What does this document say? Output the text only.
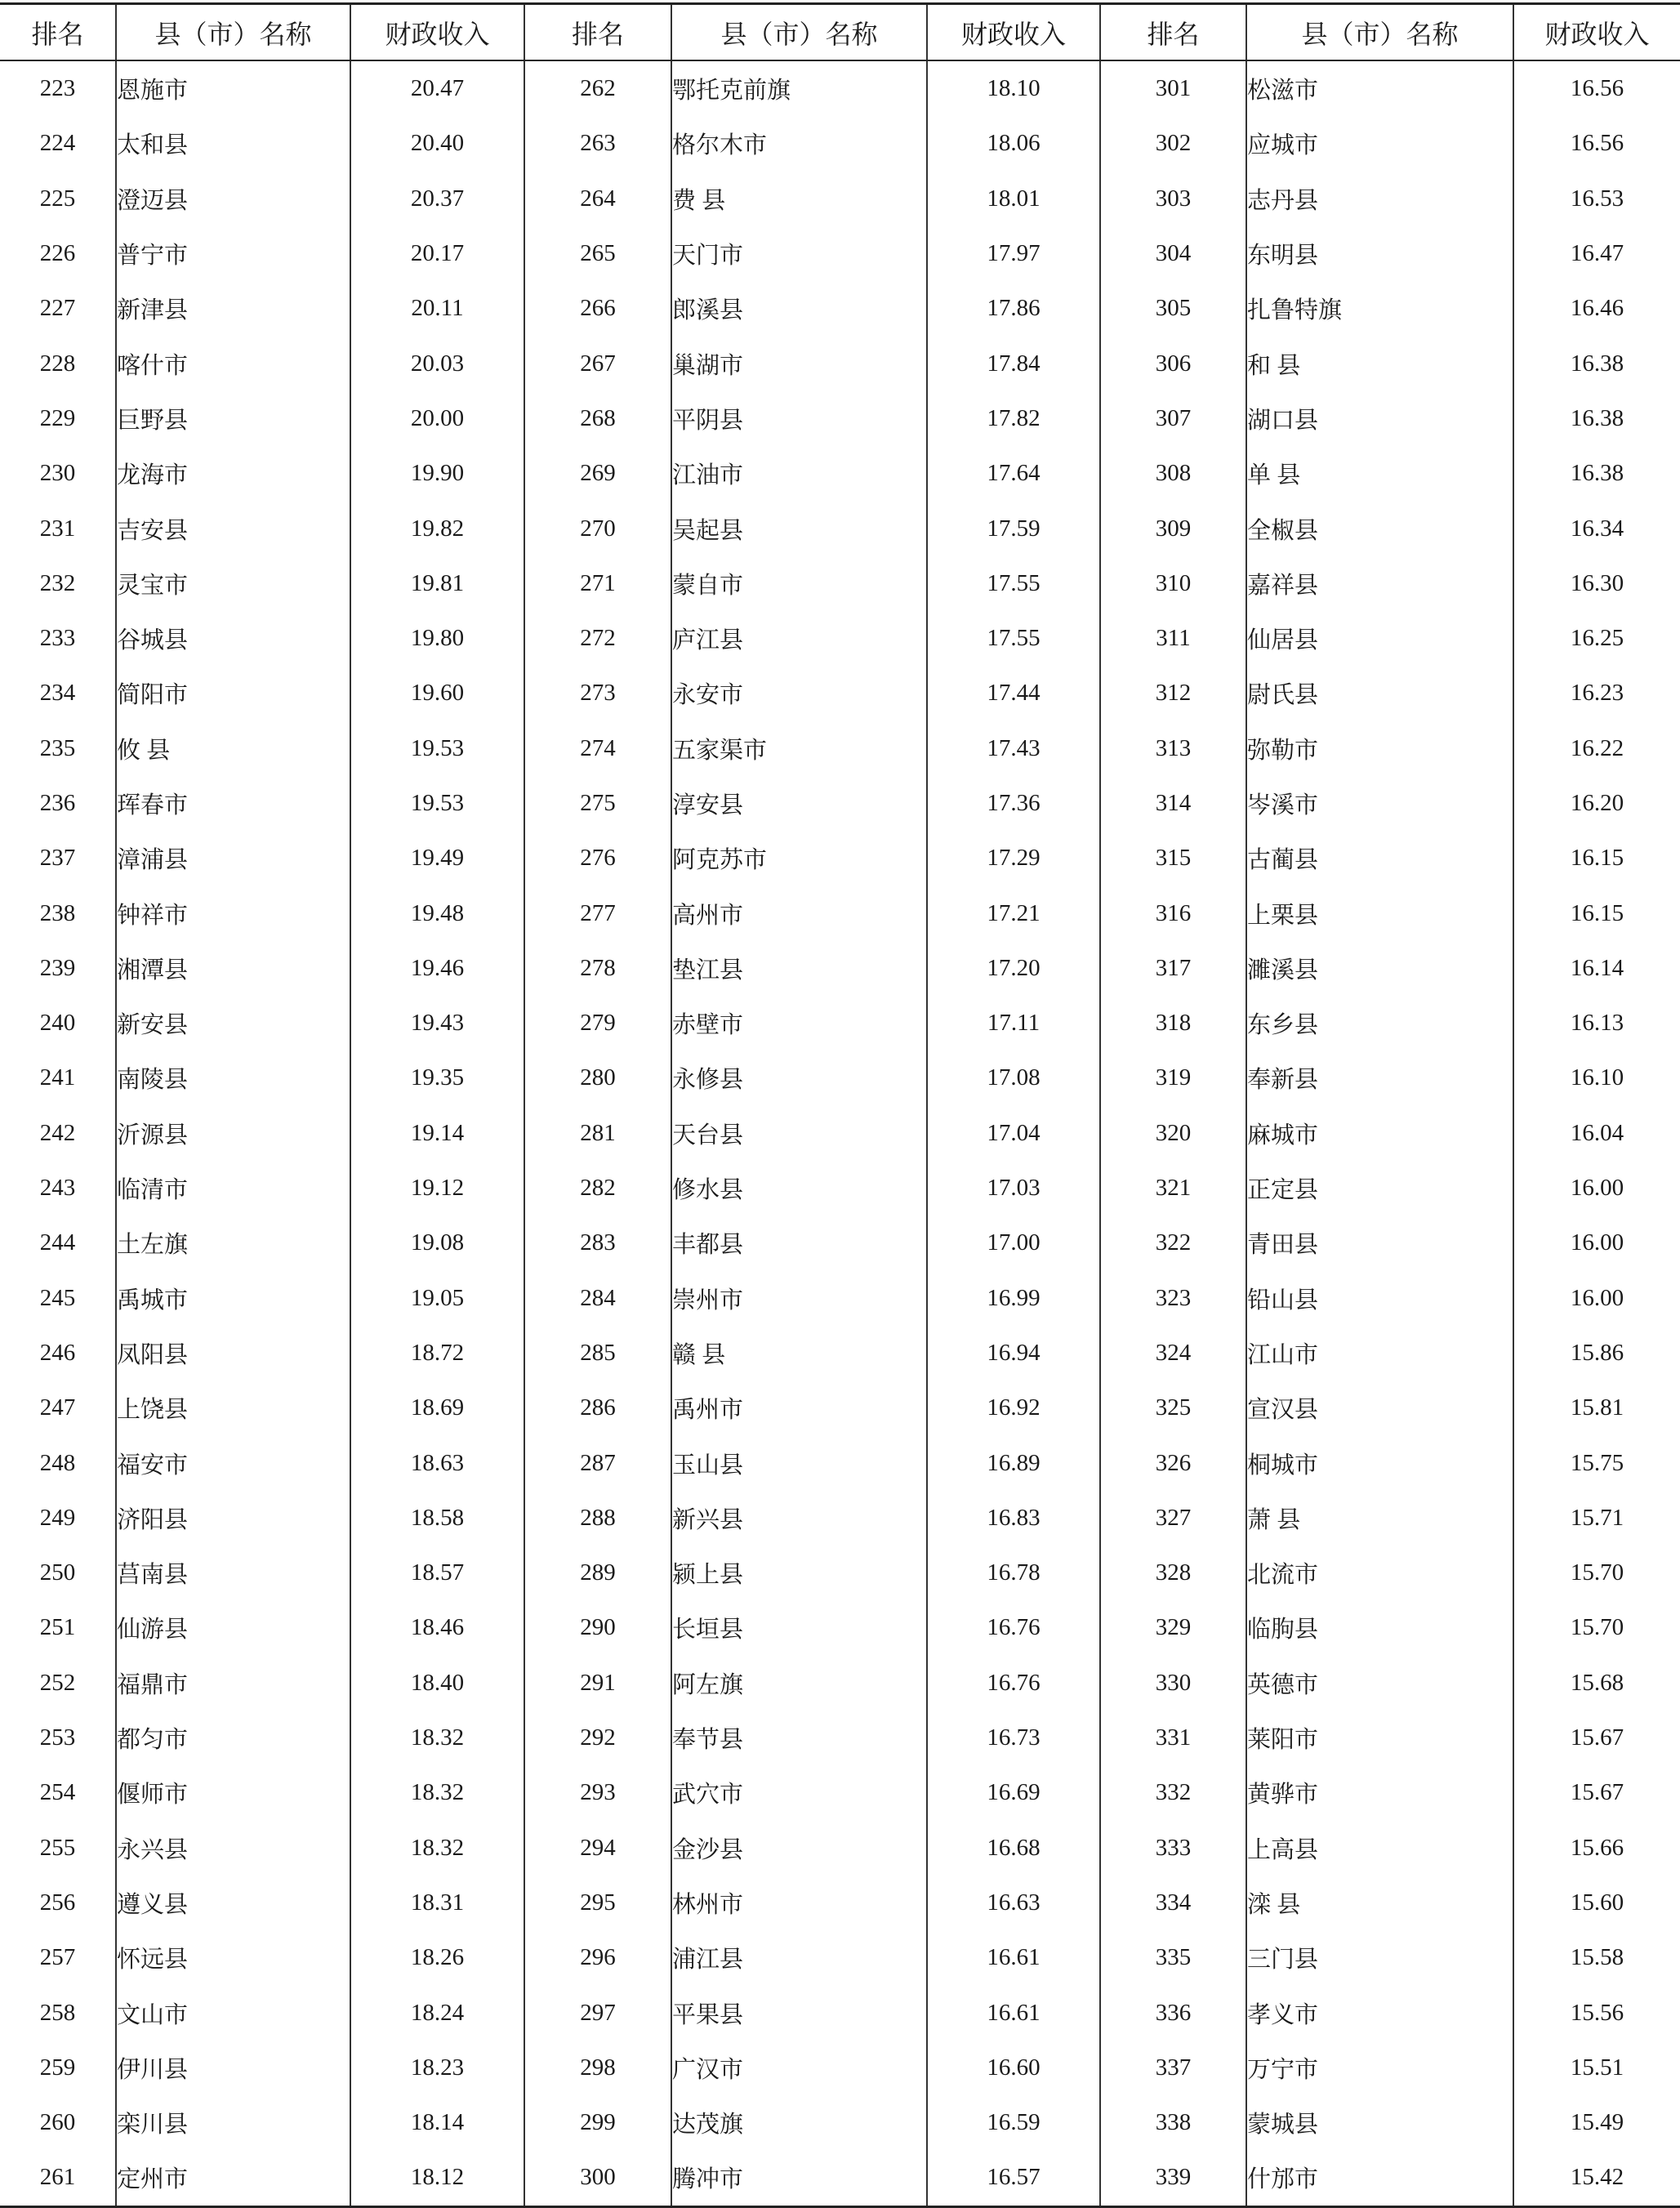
排名	县（市）名称	财政收入	排名	县（市）名称	财政收入	排名	县（市）名称	财政收入
223	恩施市	20.47	262	鄂托克前旗	18.10	301	松滋市	16.56
224	太和县	20.40	263	格尔木市	18.06	302	应城市	16.56
225	澄迈县	20.37	264	费 县	18.01	303	志丹县	16.53
226	普宁市	20.17	265	天门市	17.97	304	东明县	16.47
227	新津县	20.11	266	郎溪县	17.86	305	扎鲁特旗	16.46
228	喀什市	20.03	267	巢湖市	17.84	306	和 县	16.38
229	巨野县	20.00	268	平阴县	17.82	307	湖口县	16.38
230	龙海市	19.90	269	江油市	17.64	308	单 县	16.38
231	吉安县	19.82	270	吴起县	17.59	309	全椒县	16.34
232	灵宝市	19.81	271	蒙自市	17.55	310	嘉祥县	16.30
233	谷城县	19.80	272	庐江县	17.55	311	仙居县	16.25
234	简阳市	19.60	273	永安市	17.44	312	尉氏县	16.23
235	攸 县	19.53	274	五家渠市	17.43	313	弥勒市	16.22
236	珲春市	19.53	275	淳安县	17.36	314	岑溪市	16.20
237	漳浦县	19.49	276	阿克苏市	17.29	315	古蔺县	16.15
238	钟祥市	19.48	277	高州市	17.21	316	上栗县	16.15
239	湘潭县	19.46	278	垫江县	17.20	317	濉溪县	16.14
240	新安县	19.43	279	赤壁市	17.11	318	东乡县	16.13
241	南陵县	19.35	280	永修县	17.08	319	奉新县	16.10
242	沂源县	19.14	281	天台县	17.04	320	麻城市	16.04
243	临清市	19.12	282	修水县	17.03	321	正定县	16.00
244	土左旗	19.08	283	丰都县	17.00	322	青田县	16.00
245	禹城市	19.05	284	崇州市	16.99	323	铅山县	16.00
246	凤阳县	18.72	285	赣 县	16.94	324	江山市	15.86
247	上饶县	18.69	286	禹州市	16.92	325	宣汉县	15.81
248	福安市	18.63	287	玉山县	16.89	326	桐城市	15.75
249	济阳县	18.58	288	新兴县	16.83	327	萧 县	15.71
250	莒南县	18.57	289	颍上县	16.78	328	北流市	15.70
251	仙游县	18.46	290	长垣县	16.76	329	临朐县	15.70
252	福鼎市	18.40	291	阿左旗	16.76	330	英德市	15.68
253	都匀市	18.32	292	奉节县	16.73	331	莱阳市	15.67
254	偃师市	18.32	293	武穴市	16.69	332	黄骅市	15.67
255	永兴县	18.32	294	金沙县	16.68	333	上高县	15.66
256	遵义县	18.31	295	林州市	16.63	334	滦 县	15.60
257	怀远县	18.26	296	浦江县	16.61	335	三门县	15.58
258	文山市	18.24	297	平果县	16.61	336	孝义市	15.56
259	伊川县	18.23	298	广汉市	16.60	337	万宁市	15.51
260	栾川县	18.14	299	达茂旗	16.59	338	蒙城县	15.49
261	定州市	18.12	300	腾冲市	16.57	339	什邡市	15.42
